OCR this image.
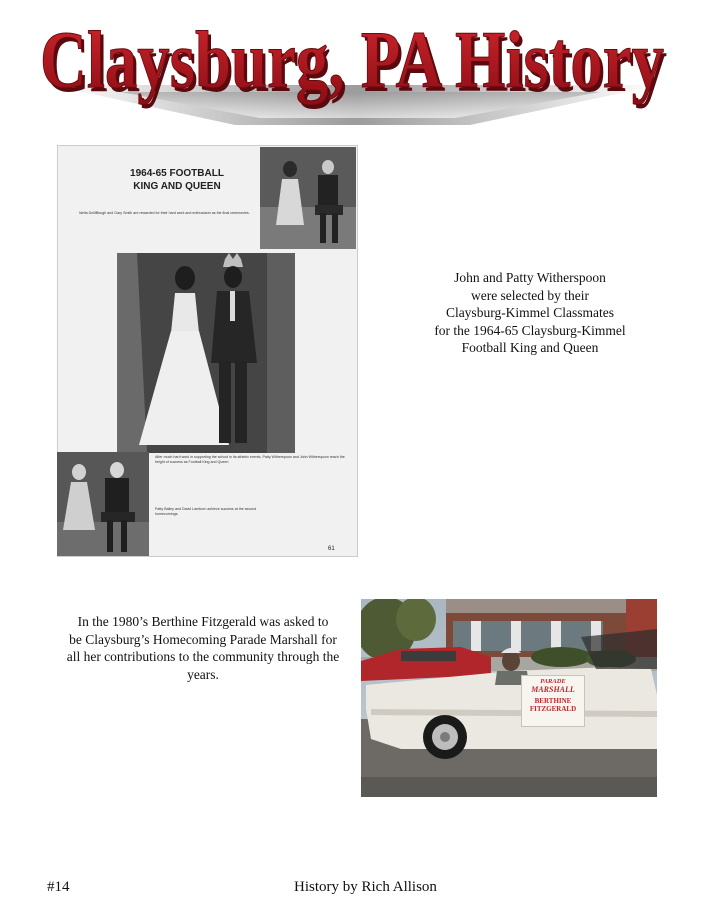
Claysburg, PA History
Claysburg, PA History
1964-65 FOOTBALL
KING AND QUEEN
Idella Dollifflough and Gary Smith are rewarded for their hard work and enthusiasm as the final ceremonies.
After much hard work in supporting the school in its athletic events, Patty Witherspoon and John Witherspoon reach the height of success as Football King and Queen.
Patty Bailey and David Lamborn achieve success at the second homecomings.
61
John and Patty Witherspoon
were selected by their
Claysburg-Kimmel Classmates
for the 1964-65 Claysburg-Kimmel
Football King and Queen
In the 1980’s Berthine Fitzgerald was asked to
be Claysburg’s Homecoming Parade Marshall for
all her contributions to the community through the
years.	PARADE
MARSHALL
BERTHINE
FITZGERALD
#14	History by Rich Allison
